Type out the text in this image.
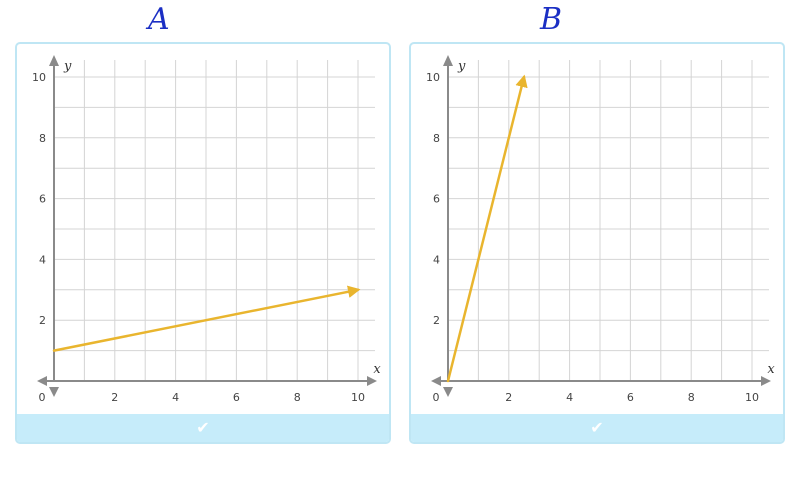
A	B
0	2	4	6	8	10
2
4
6
8
10
y
x
✔
0	2	4	6	8	10
2
4
6
8
10
y
x
✔
